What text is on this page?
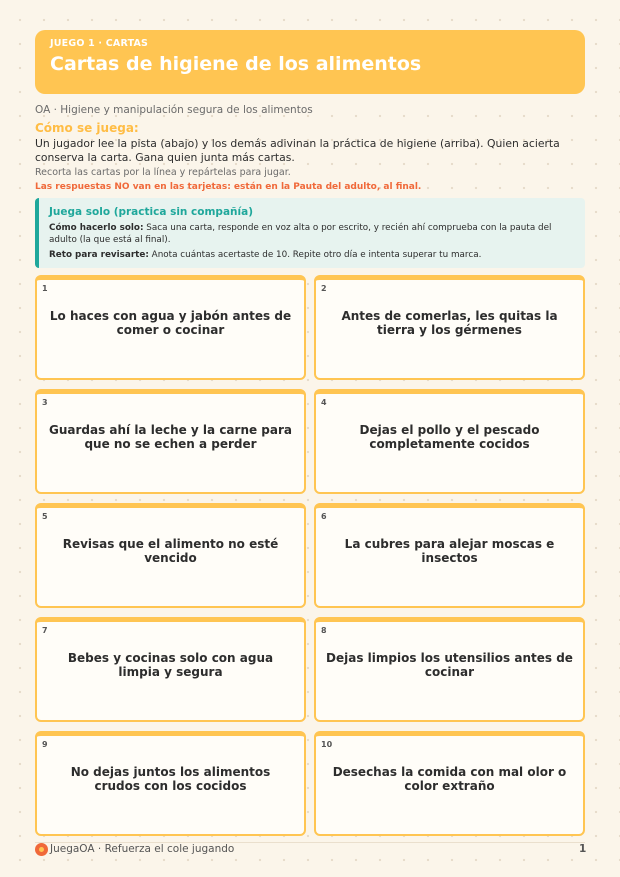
JUEGO 1 · CARTAS
Cartas de higiene de los alimentos
OA · Higiene y manipulación segura de los alimentos
Cómo se juega:
Un jugador lee la pista (abajo) y los demás adivinan la práctica de higiene (arriba). Quien acierta conserva la carta. Gana quien junta más cartas.
Recorta las cartas por la línea y repártelas para jugar.
Las respuestas NO van en las tarjetas: están en la Pauta del adulto, al final.
Juega solo (practica sin compañía)
Cómo hacerlo solo: Saca una carta, responde en voz alta o por escrito, y recién ahí comprueba con la pauta del adulto (la que está al final).
Reto para revisarte: Anota cuántas acertaste de 10. Repite otro día e intenta superar tu marca.
1
Lo haces con agua y jabón antes de comer o cocinar
2
Antes de comerlas, les quitas la tierra y los gérmenes
3
Guardas ahí la leche y la carne para que no se echen a perder
4
Dejas el pollo y el pescado completamente cocidos
5
Revisas que el alimento no esté vencido
6
La cubres para alejar moscas e insectos
7
Bebes y cocinas solo con agua limpia y segura
8
Dejas limpios los utensilios antes de cocinar
9
No dejas juntos los alimentos crudos con los cocidos
10
Desechas la comida con mal olor o color extraño
JuegaOA · Refuerza el cole jugando	1
